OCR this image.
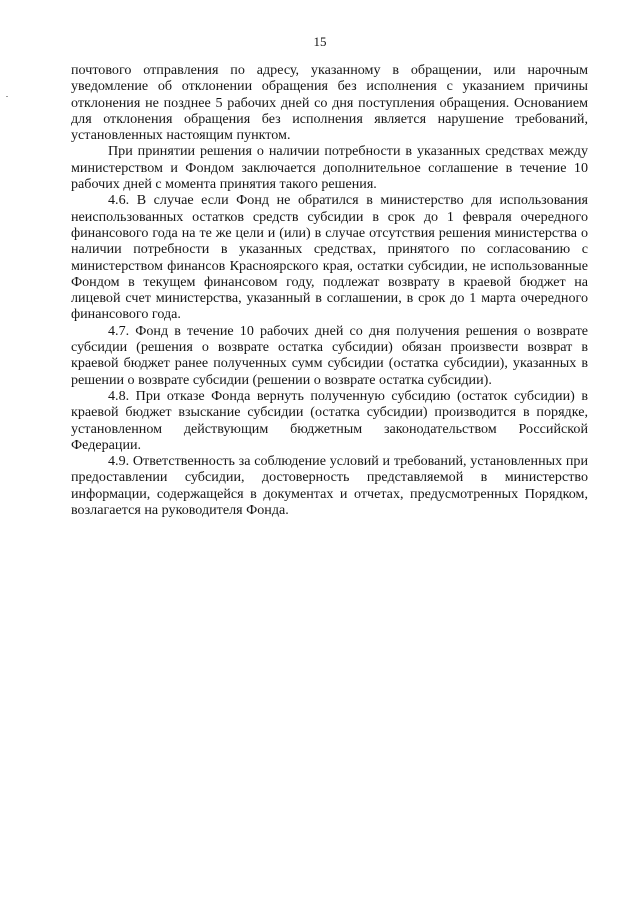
15

почтового отправления по адресу, указанному в обращении, или нарочным уведомление об отклонении обращения без исполнения с указанием причины отклонения не позднее 5 рабочих дней со дня поступления обращения. Основанием для отклонения обращения без исполнения является нарушение требований, установленных настоящим пунктом.

При принятии решения о наличии потребности в указанных средствах между министерством и Фондом заключается дополнительное соглашение в течение 10 рабочих дней с момента принятия такого решения.

4.6. В случае если Фонд не обратился в министерство для использования неиспользованных остатков средств субсидии в срок до 1 февраля очередного финансового года на те же цели и (или) в случае отсутствия решения министерства о наличии потребности в указанных средствах, принятого по согласованию с министерством финансов Красноярского края, остатки субсидии, не использованные Фондом в текущем финансовом году, подлежат возврату в краевой бюджет на лицевой счет министерства, указанный в соглашении, в срок до 1 марта очередного финансового года.

4.7. Фонд в течение 10 рабочих дней со дня получения решения о возврате субсидии (решения о возврате остатка субсидии) обязан произвести возврат в краевой бюджет ранее полученных сумм субсидии (остатка субсидии), указанных в решении о возврате субсидии (решении о возврате остатка субсидии).

4.8. При отказе Фонда вернуть полученную субсидию (остаток субсидии) в краевой бюджет взыскание субсидии (остатка субсидии) производится в порядке, установленном действующим бюджетным законодательством Российской Федерации.

4.9. Ответственность за соблюдение условий и требований, установленных при предоставлении субсидии, достоверность представляемой в министерство информации, содержащейся в документах и отчетах, предусмотренных Порядком, возлагается на руководителя Фонда.
